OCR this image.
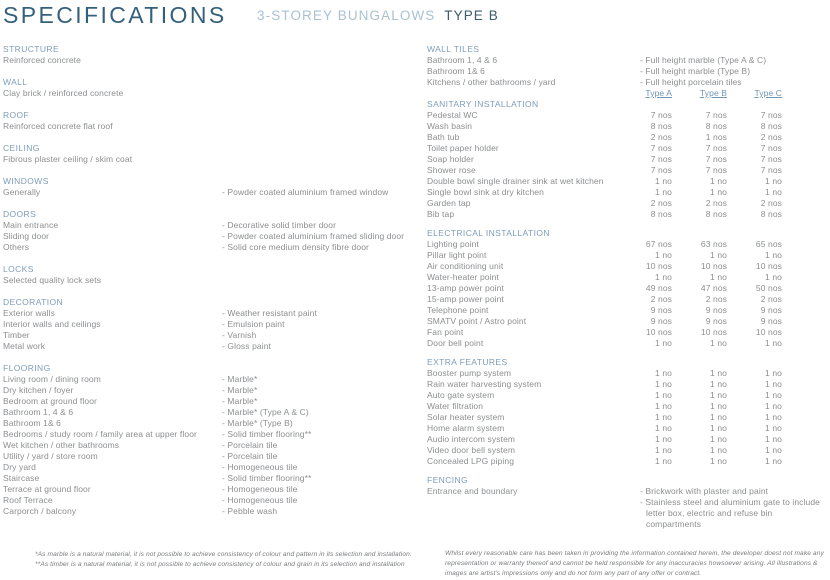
SPECIFICATIONS 3-STOREY BUNGALOWS TYPE B
STRUCTURE
Reinforced concrete
WALL
Clay brick / reinforced concrete
ROOF
Reinforced concrete flat roof
CEILING
Fibrous plaster ceiling / skim coat
WINDOWS
Generally	- Powder coated aluminium framed window
DOORS
Main entrance	- Decorative solid timber door
Sliding door	- Powder coated aluminium framed sliding door
Others	- Solid core medium density fibre door
LOCKS
Selected quality lock sets
DECORATION
Exterior walls	- Weather resistant paint
Interior walls and ceilings	- Emulsion paint
Timber	- Varnish
Metal work	- Gloss paint
FLOORING
Living room / dining room	- Marble*
Dry kitchen / foyer	- Marble*
Bedroom at ground floor	- Marble*
Bathroom 1, 4 & 6	- Marble* (Type A & C)
Bathroom 1& 6	- Marble* (Type B)
Bedrooms / study room / family area at upper floor	- Solid timber flooring**
Wet kitchen / other bathrooms	- Porcelain tile
Utility / yard / store room	- Porcelain tile
Dry yard	- Homogeneous tile
Staircase	- Solid timber flooring**
Terrace at ground floor	- Homogeneous tile
Roof Terrace	- Homogeneous tile
Carporch / balcony	- Pebble wash
WALL TILES
Bathroom 1, 4 & 6	- Full height marble (Type A & C)
Bathroom 1& 6	- Full height marble (Type B)
Kitchens / other bathrooms / yard	- Full height porcelain tiles
Type A	Type B	Type C
SANITARY INSTALLATION
Pedestal WC	7 nos	7 nos	7 nos
Wash basin	8 nos	8 nos	8 nos
Bath tub	2 nos	1 nos	2 nos
Toilet paper holder	7 nos	7 nos	7 nos
Soap holder	7 nos	7 nos	7 nos
Shower rose	7 nos	7 nos	7 nos
Double bowl single drainer sink at wet kitchen	1 no	1 no	1 no
Single bowl sink at dry kitchen	1 no	1 no	1 no
Garden tap	2 nos	2 nos	2 nos
Bib tap	8 nos	8 nos	8 nos
ELECTRICAL INSTALLATION
Lighting point	67 nos	63 nos	65 nos
Pillar light point	1 no	1 no	1 no
Air conditioning unit	10 nos	10 nos	10 nos
Water-heater point	1 no	1 no	1 no
13-amp power point	49 nos	47 nos	50 nos
15-amp power point	2 nos	2 nos	2 nos
Telephone point	9 nos	9 nos	9 nos
SMATV point / Astro point	9 nos	9 nos	9 nos
Fan point	10 nos	10 nos	10 nos
Door bell point	1 no	1 no	1 no
EXTRA FEATURES
Booster pump system	1 no	1 no	1 no
Rain water harvesting system	1 no	1 no	1 no
Auto gate system	1 no	1 no	1 no
Water filtration	1 no	1 no	1 no
Solar heater system	1 no	1 no	1 no
Home alarm system	1 no	1 no	1 no
Audio intercom system	1 no	1 no	1 no
Video door bell system	1 no	1 no	1 no
Concealed LPG piping	1 no	1 no	1 no
FENCING
Entrance and boundary	- Brickwork with plaster and paint

- Stainless steel and aluminium gate to include

letter box, electric and refuse bin compartments
*As marble is a natural material, it is not possible to achieve consistency of colour and pattern in its selection and installation.
**As timber is a natural material, it is not possible to achieve consistency of colour and grain in its selection and installation
Whilst every reasonable care has been taken in providing the information contained herein, the developer doest not make any
representation or warranty thereof and cannot be held responsible for any inaccuracies howsoever arising. All illustrations &
images are artist's impressions only and do not form any part of any offer or contract.
